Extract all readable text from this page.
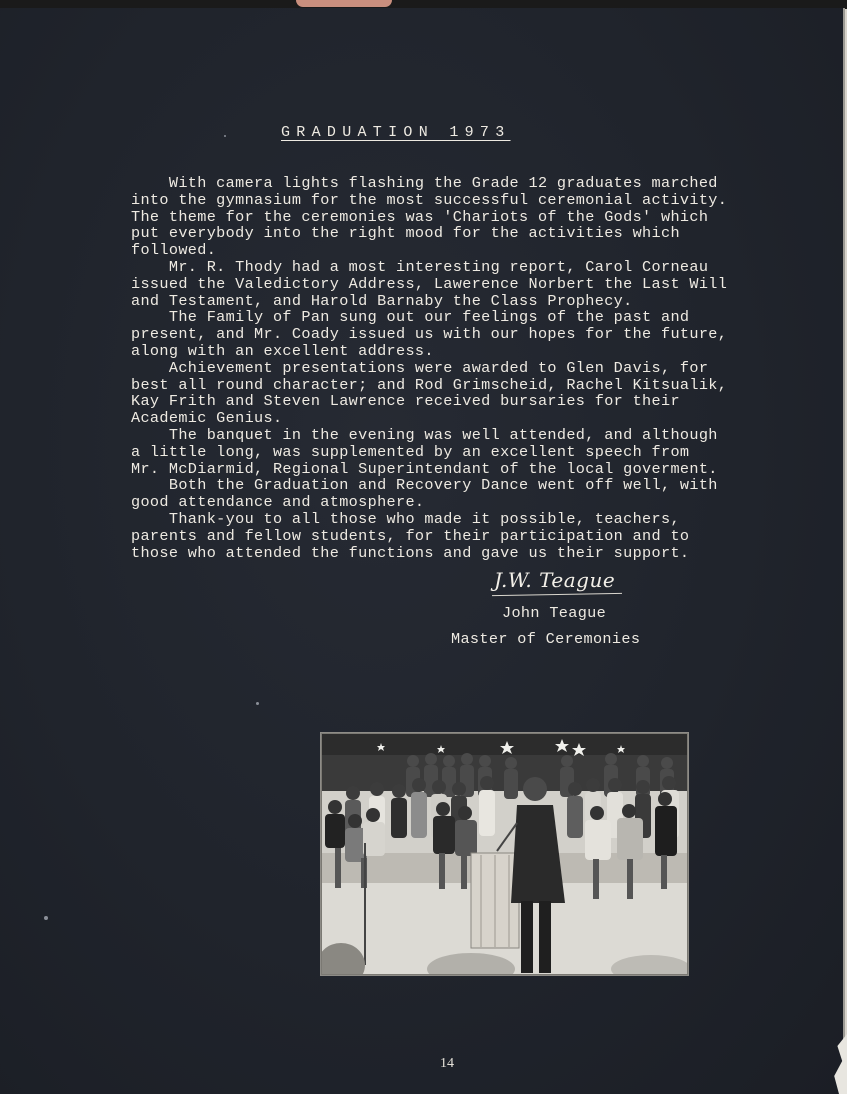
GRADUATION 1973

With camera lights flashing the Grade 12 graduates marched
into the gymnasium for the most successful ceremonial activity.
The theme for the ceremonies was 'Chariots of the Gods' which
put everybody into the right mood for the activities which
followed.
Mr. R. Thody had a most interesting report, Carol Corneau
issued the Valedictory Address, Lawerence Norbert the Last Will
and Testament, and Harold Barnaby the Class Prophecy.
The Family of Pan sung out our feelings of the past and
present, and Mr. Coady issued us with our hopes for the future,
along with an excellent address.
Achievement presentations were awarded to Glen Davis, for
best all round character; and Rod Grimscheid, Rachel Kitsualik,
Kay Frith and Steven Lawrence received bursaries for their
Academic Genius.
The banquet in the evening was well attended, and although
a little long, was supplemented by an excellent speech from
Mr. McDiarmid, Regional Superintendant of the local goverment.
Both the Graduation and Recovery Dance went off well, with
good attendance and atmosphere.
Thank-you to all those who made it possible, teachers,
parents and fellow students, for their participation and to
those who attended the functions and gave us their support.

J.W. Teague
John Teague
Master of Ceremonies
14
